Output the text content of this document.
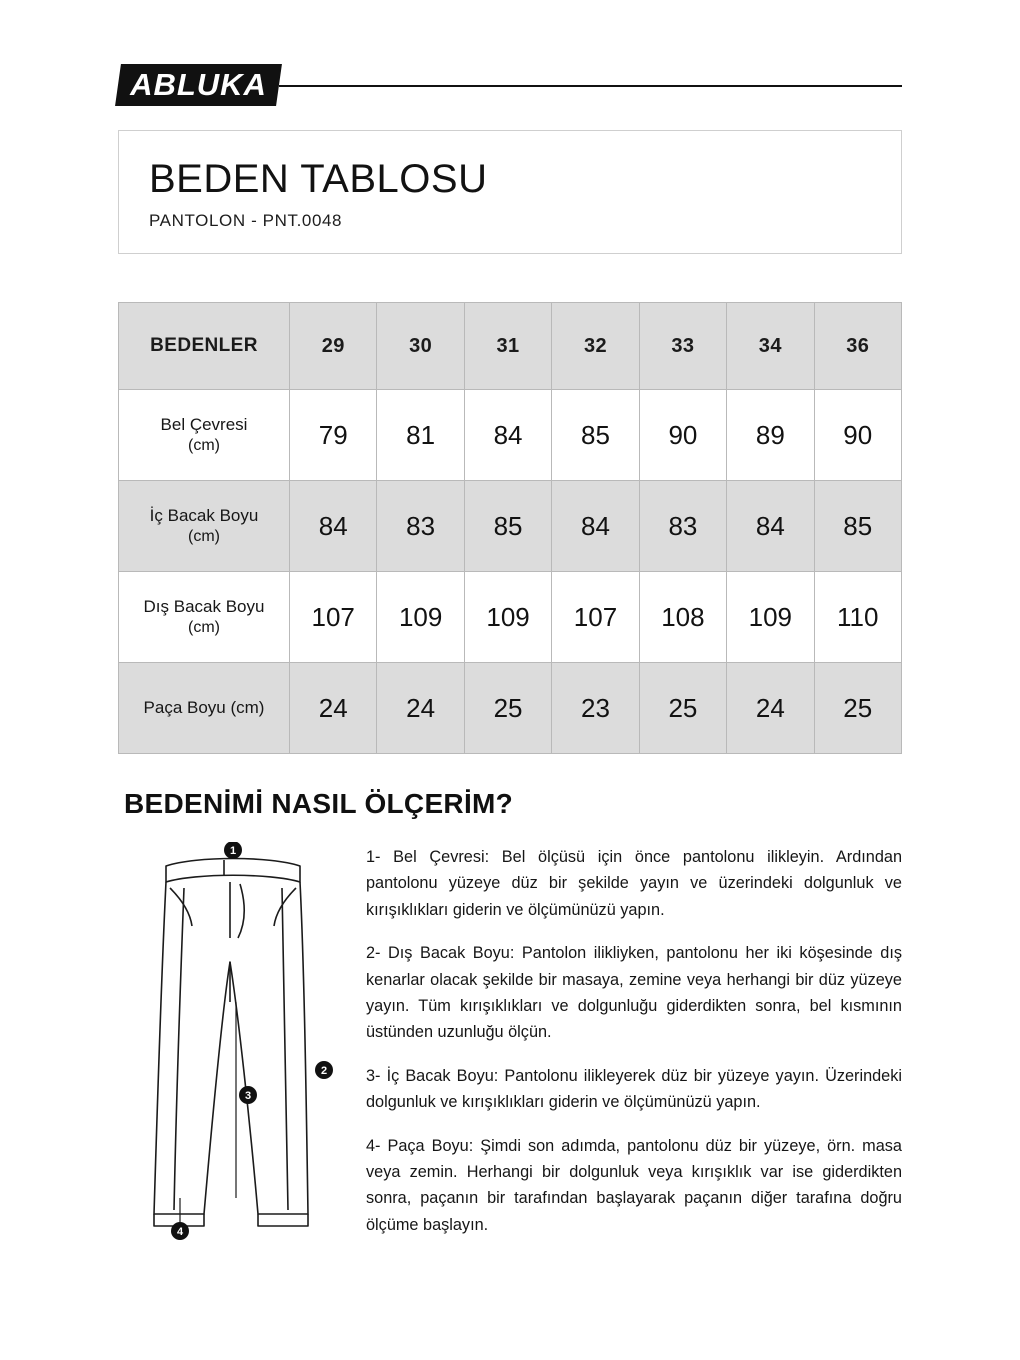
ABLUKA
BEDEN TABLOSU

PANTOLON - PNT.0048

BEDENLER	29	30	31	32	33	34	36
Bel Çevresi
(cm)	79	81	84	85	90	89	90
İç Bacak Boyu
(cm)	84	83	85	84	83	84	85
Dış Bacak Boyu
(cm)	107	109	109	107	108	109	110
Paça Boyu (cm)	24	24	25	23	25	24	25
BEDENİMİ NASIL ÖLÇERİM?
1
2
3
4

1- Bel Çevresi: Bel ölçüsü için önce pantolonu ilikleyin. Ardından pantolonu yüzeye düz bir şekilde yayın ve üzerindeki dolgunluk ve kırışıklıkları giderin ve ölçümünüzü yapın.

2- Dış Bacak Boyu: Pantolon ilikliyken, pantolonu her iki köşesinde dış kenarlar olacak şekilde bir masaya, zemine veya herhangi bir düz yüzeye yayın. Tüm kırışıklıkları ve dolgunluğu giderdikten sonra, bel kısmının üstünden uzunluğu ölçün.

3- İç Bacak Boyu: Pantolonu ilikleyerek düz bir yüzeye yayın. Üzerindeki dolgunluk ve kırışıklıkları giderin ve ölçümünüzü yapın.

4- Paça Boyu: Şimdi son adımda, pantolonu düz bir yüzeye, örn. masa veya zemin. Herhangi bir dolgunluk veya kırışıklık var ise giderdikten sonra, paçanın bir tarafından başlayarak paçanın diğer tarafına doğru ölçüme başlayın.
